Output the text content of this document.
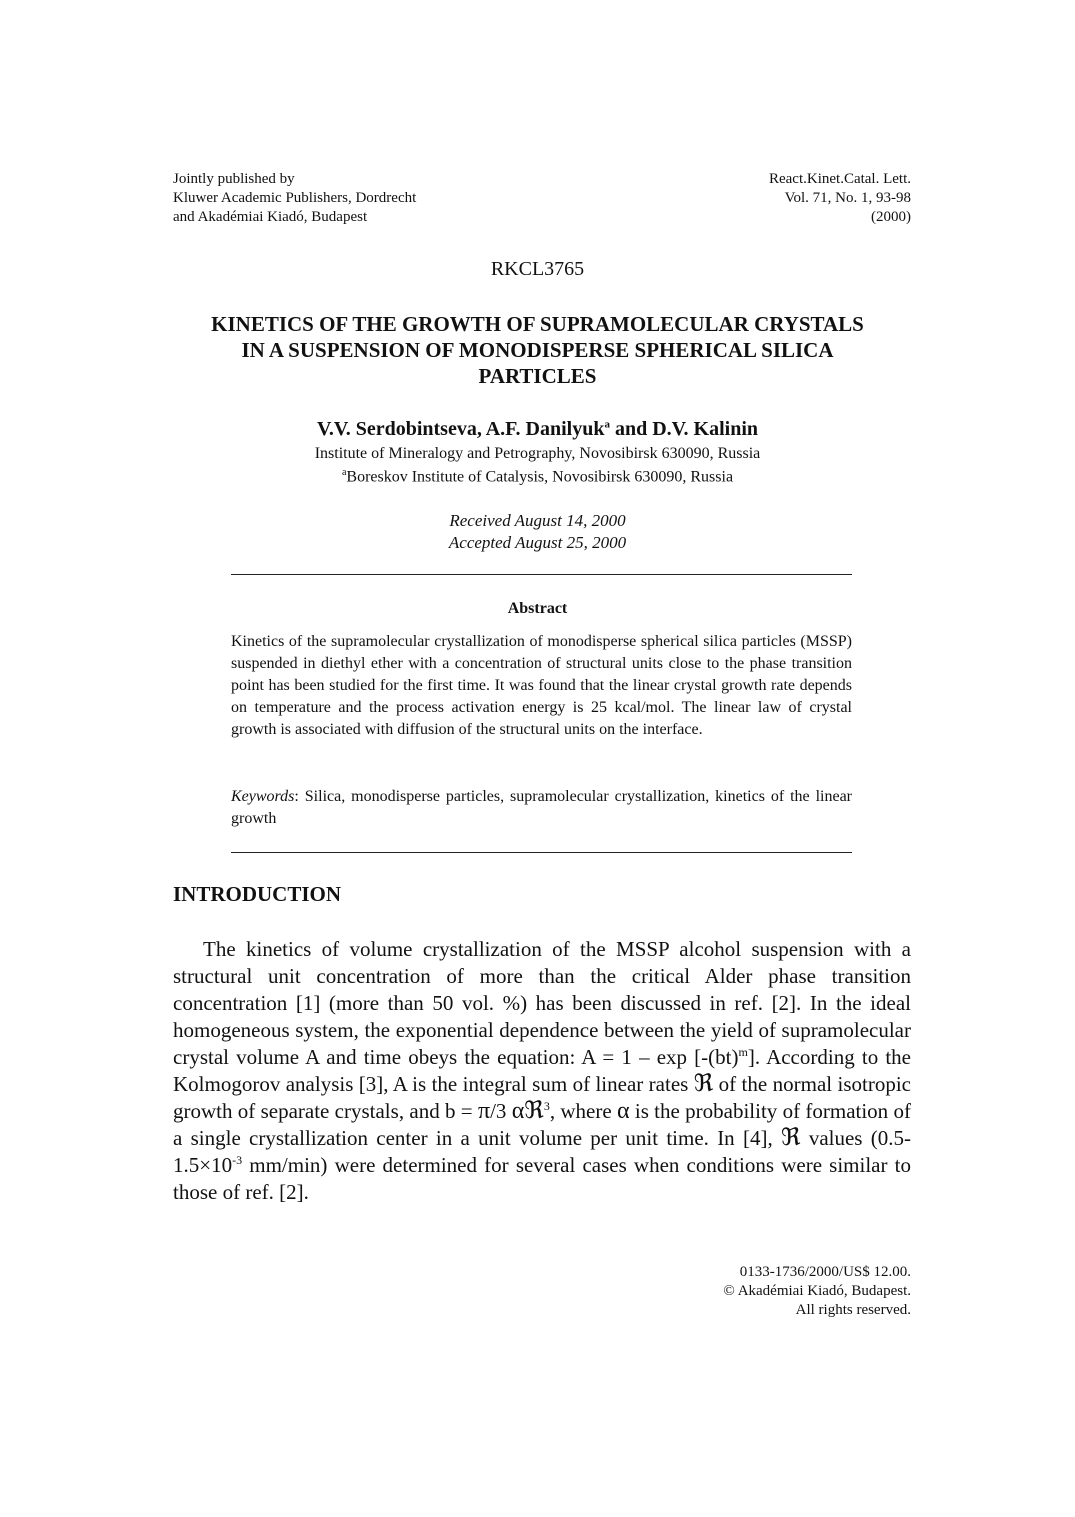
Jointly published by
Kluwer Academic Publishers, Dordrecht
and Akadémiai Kiadó, Budapest
React.Kinet.Catal. Lett.
Vol. 71, No. 1, 93-98
(2000)
RKCL3765
KINETICS OF THE GROWTH OF SUPRAMOLECULAR CRYSTALS
IN A SUSPENSION OF MONODISPERSE SPHERICAL SILICA
PARTICLES
V.V. Serdobintseva, A.F. Danilyuk$^a$ and D.V. Kalinin
Institute of Mineralogy and Petrography, Novosibirsk 630090, Russia
$^a$Boreskov Institute of Catalysis, Novosibirsk 630090, Russia
Received August 14, 2000
Accepted August 25, 2000
Abstract
Kinetics of the supramolecular crystallization of monodisperse spherical silica particles (MSSP) suspended in diethyl ether with a concentration of structural units close to the phase transition point has been studied for the first time. It was found that the linear crystal growth rate depends on temperature and the process activation energy is 25 kcal/mol. The linear law of crystal growth is associated with diffusion of the structural units on the interface.
Keywords: Silica, monodisperse particles, supramolecular crystallization, kinetics of the linear growth
INTRODUCTION

The kinetics of volume crystallization of the MSSP alcohol suspension with a structural unit concentration of more than the critical Alder phase transition concentration [1] (more than 50 vol. %) has been discussed in ref. [2]. In the ideal homogeneous system, the exponential dependence between the yield of supramolecular crystal volume A and time obeys the equation: A = 1 – exp [-(bt)$^m$]. According to the Kolmogorov analysis [3], A is the integral sum of linear rates ℜ of the normal isotropic growth of separate crystals, and b = π/3 αℜ$^3$, where α is the probability of formation of a single crystallization center in a unit volume per unit time. In [4], ℜ values ($0.5-1.5\times 10^{-3}$ mm/min) were determined for several cases when conditions were similar to those of ref. [2].

0133-1736/2000/US$ 12.00.
© Akadémiai Kiadó, Budapest.
All rights reserved.
